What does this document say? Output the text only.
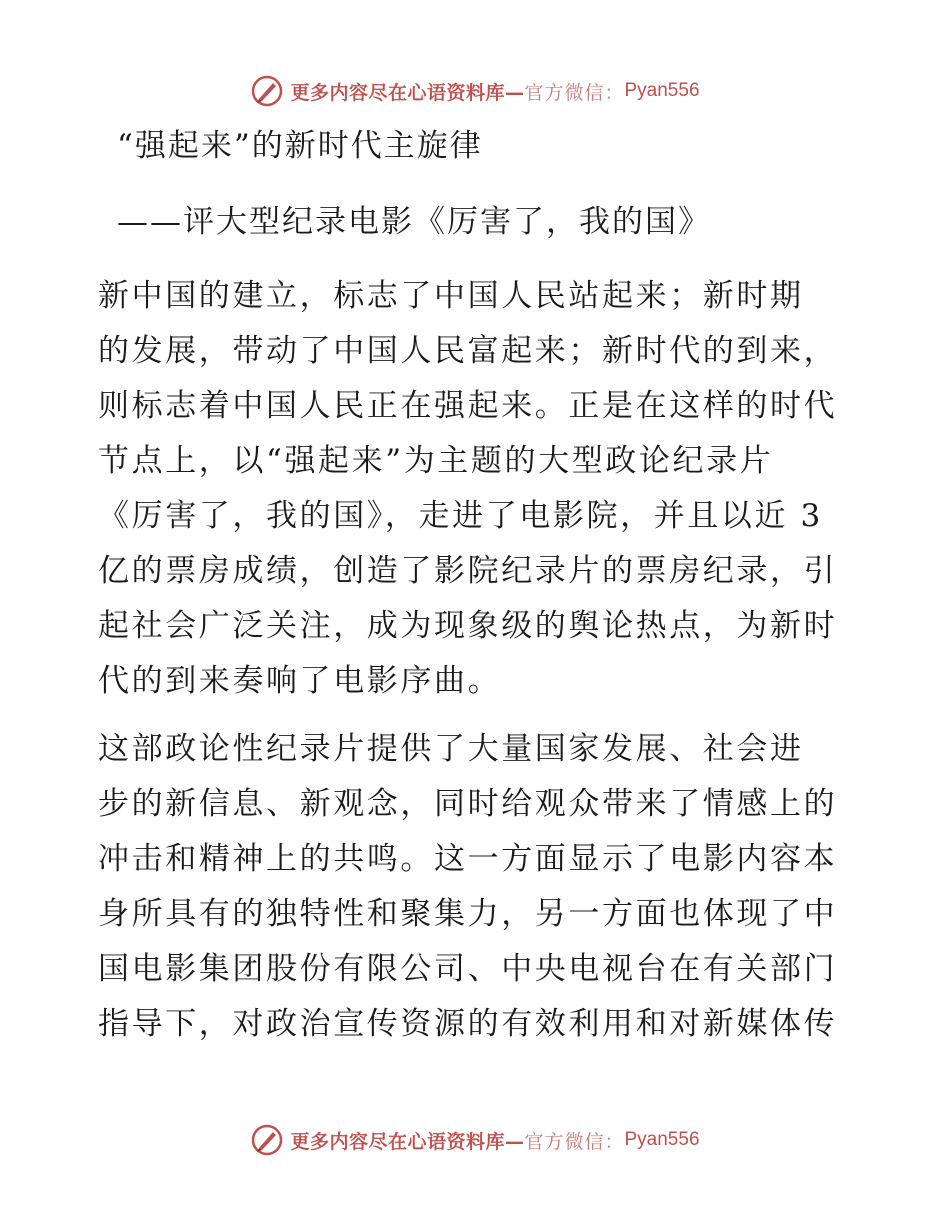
更多内容尽在心语资料库— 官方微信： Pyan556
“强起来”的新时代主旋律
——评大型纪录电影《厉害了，我的国》
新中国的建立，标志了中国人民站起来；新时期
的发展，带动了中国人民富起来；新时代的到来，
则标志着中国人民正在强起来。正是在这样的时代
节点上，以“强起来”为主题的大型政论纪录片
《厉害了，我的国》，走进了电影院，并且以近 3
亿的票房成绩，创造了影院纪录片的票房纪录，引
起社会广泛关注，成为现象级的舆论热点，为新时
代的到来奏响了电影序曲。
这部政论性纪录片提供了大量国家发展、社会进
步的新信息、新观念，同时给观众带来了情感上的
冲击和精神上的共鸣。这一方面显示了电影内容本
身所具有的独特性和聚集力，另一方面也体现了中
国电影集团股份有限公司、中央电视台在有关部门
指导下，对政治宣传资源的有效利用和对新媒体传
更多内容尽在心语资料库— 官方微信： Pyan556
